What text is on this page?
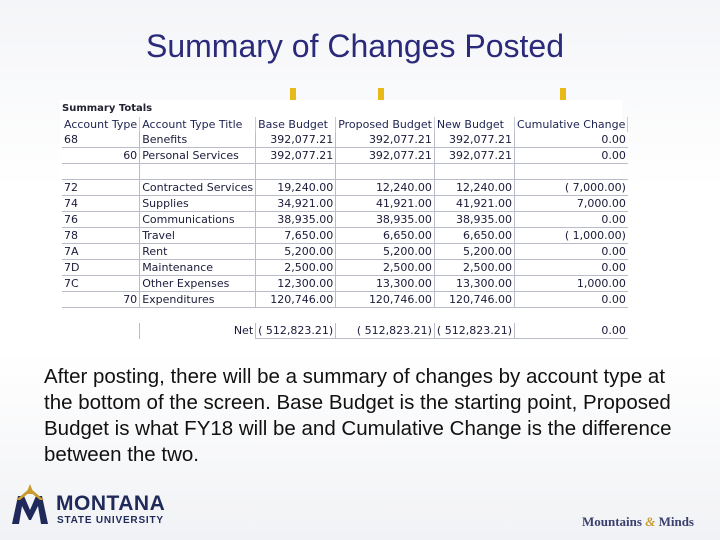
Summary of Changes Posted
Summary Totals
Account Type	Account Type Title	Base Budget	Proposed Budget	New Budget	Cumulative Change
68	Benefits	392,077.21	392,077.21	392,077.21	0.00
60	Personal Services	392,077.21	392,077.21	392,077.21	0.00

72	Contracted Services	19,240.00	12,240.00	12,240.00	( 7,000.00)
74	Supplies	34,921.00	41,921.00	41,921.00	7,000.00
76	Communications	38,935.00	38,935.00	38,935.00	0.00
78	Travel	7,650.00	6,650.00	6,650.00	( 1,000.00)
7A	Rent	5,200.00	5,200.00	5,200.00	0.00
7D	Maintenance	2,500.00	2,500.00	2,500.00	0.00
7C	Other Expenses	12,300.00	13,300.00	13,300.00	1,000.00
70	Expenditures	120,746.00	120,746.00	120,746.00	0.00

	Net	( 512,823.21)	( 512,823.21)	( 512,823.21)	0.00
After posting, there will be a summary of changes by account type at the bottom of the screen. Base Budget is the starting point, Proposed Budget is what FY18 will be and Cumulative Change is the difference between the two.
MONTANA
STATE UNIVERSITY	Mountains & Minds
